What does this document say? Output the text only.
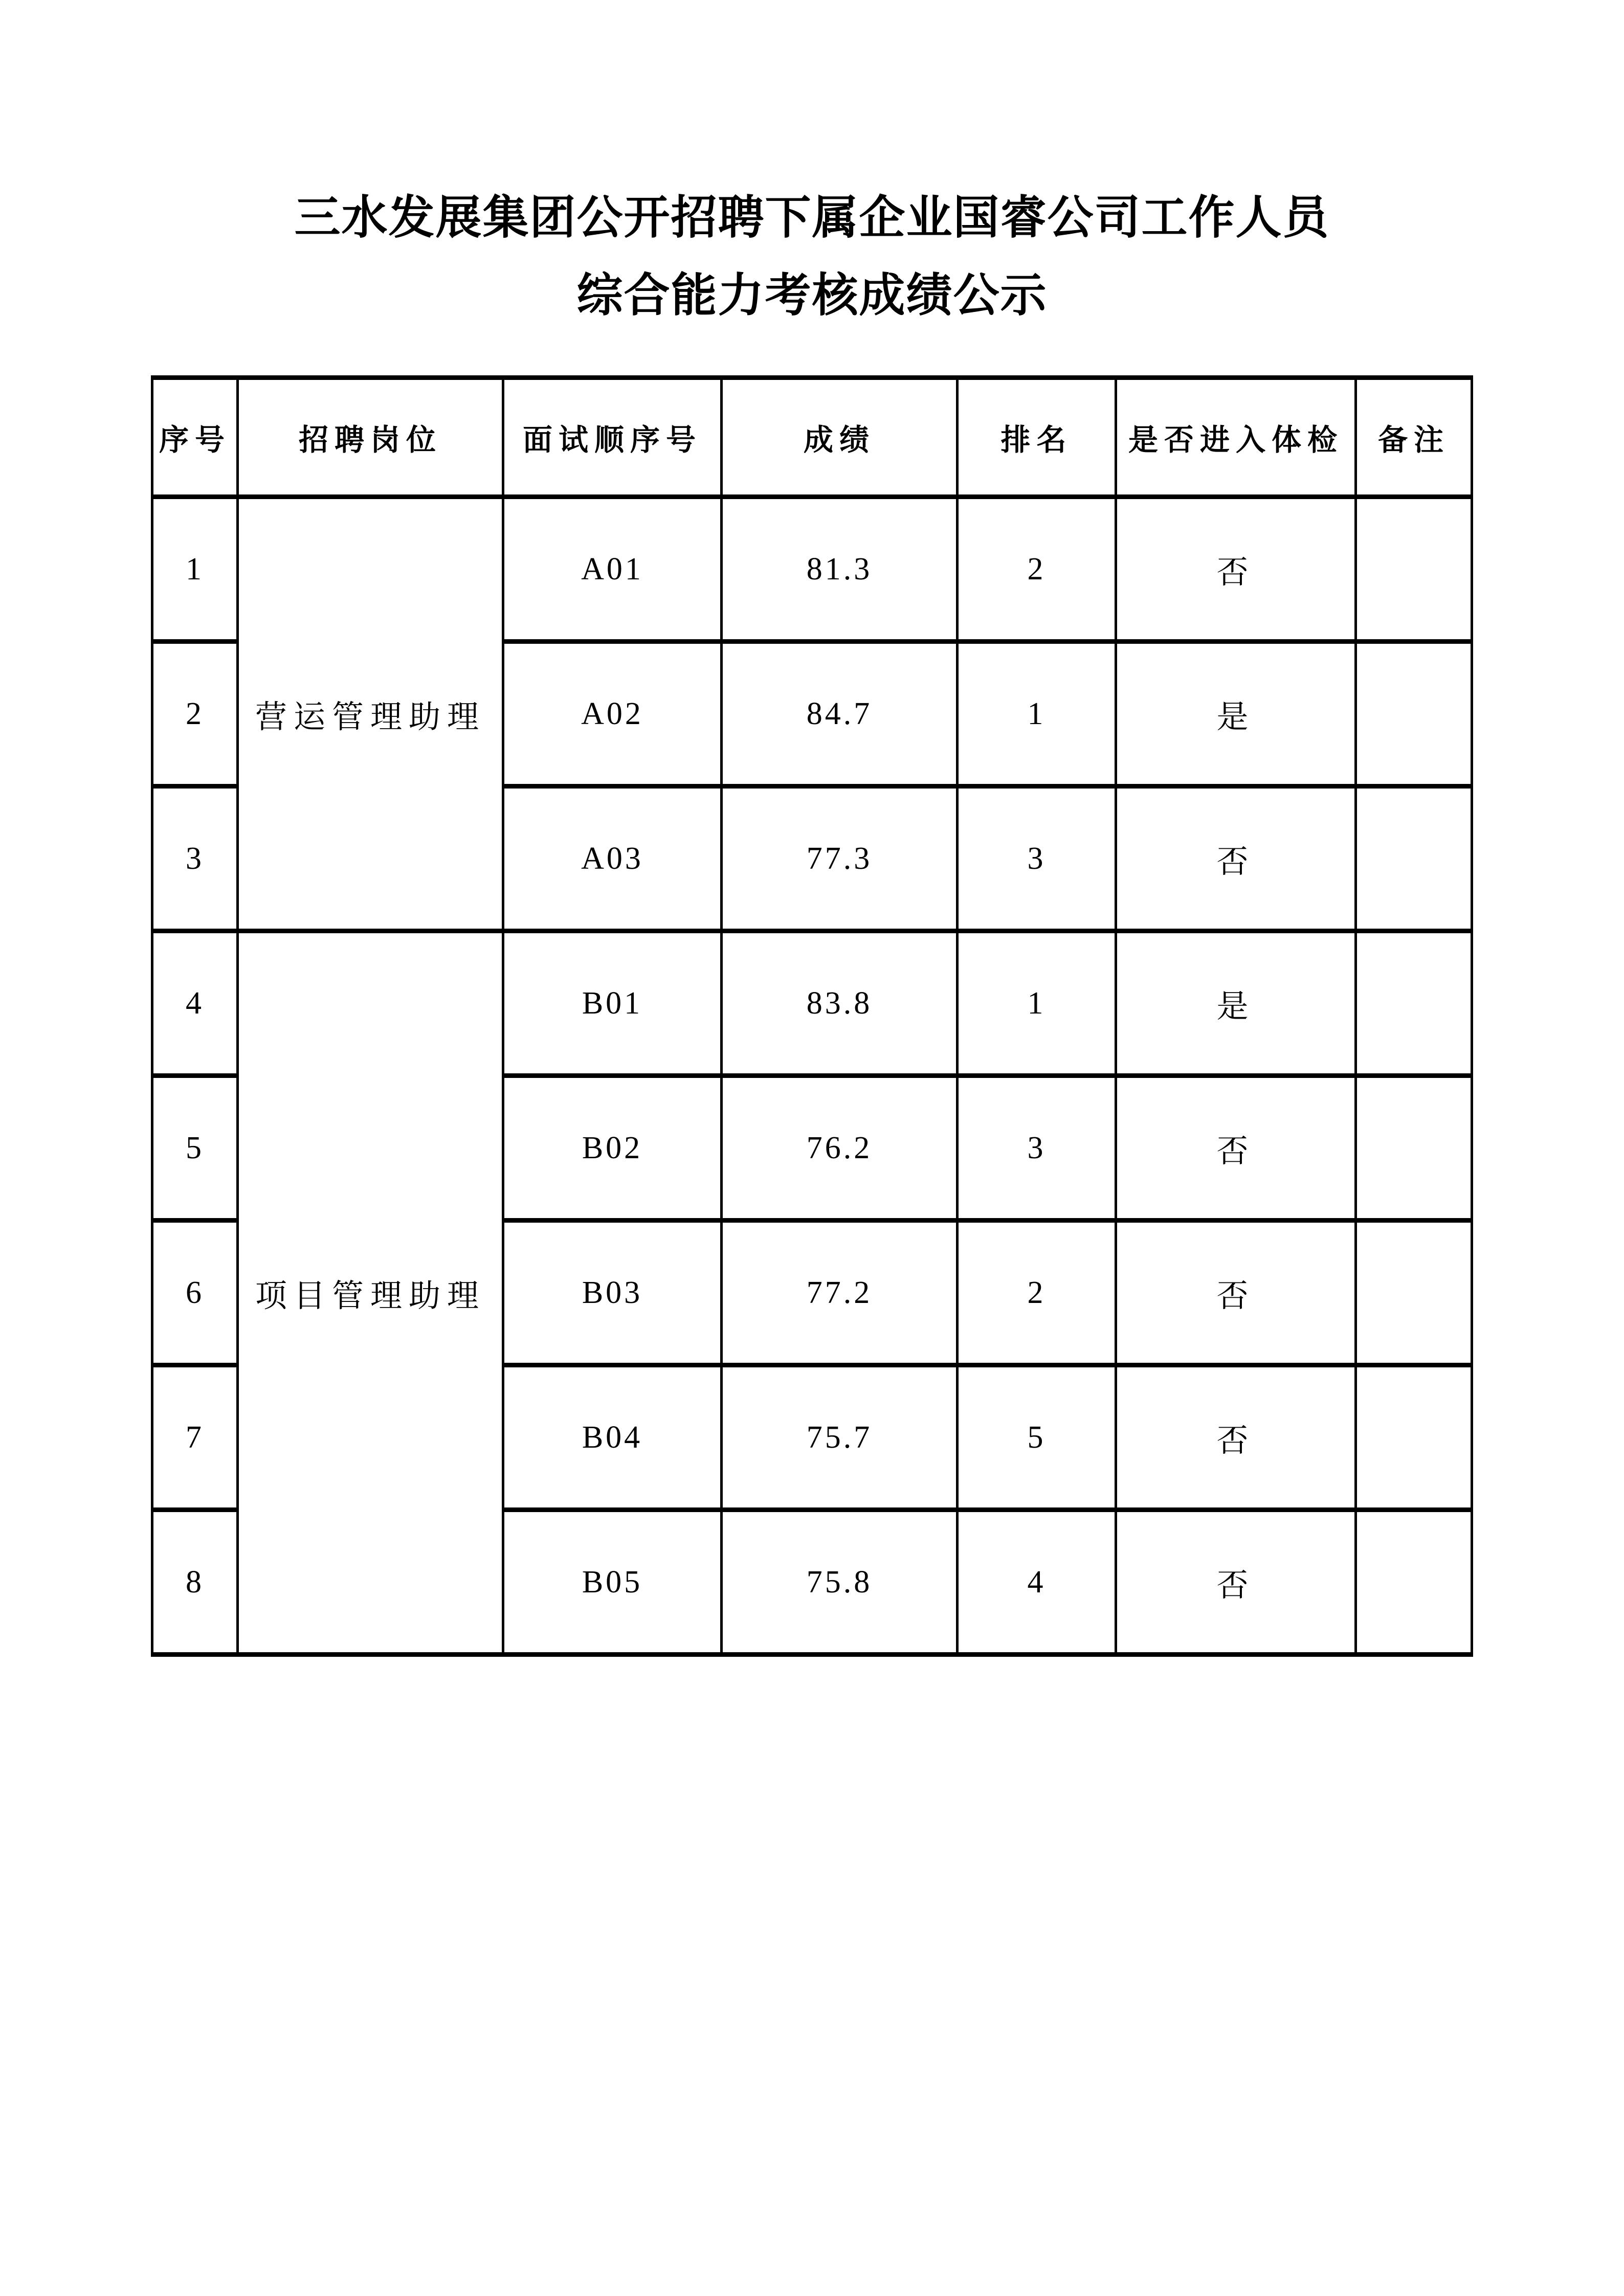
三水发展集团公开招聘下属企业国睿公司工作人员
综合能力考核成绩公示
序号	招聘岗位	面试顺序号	成绩	排名	是否进入体检	备注
1	营运管理助理	A01	81.3	2	否	
2		A02	84.7	1	是	
3		A03	77.3	3	否	
4	项目管理助理	B01	83.8	1	是	
5		B02	76.2	3	否	
6		B03	77.2	2	否	
7		B04	75.7	5	否	
8		B05	75.8	4	否	
